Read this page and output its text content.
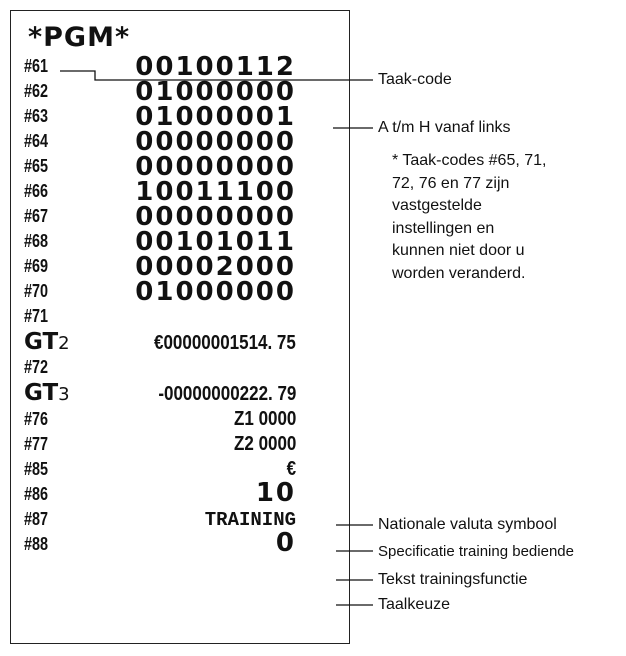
*PGM*
#61
#62
#63
#64
#65
#66
#67
#68
#69
#70
#71
GT2
#72
GT3
#76
#77
#85
#86
#87
#88
00100112
01000000
01000001
00000000
00000000
10011100
00000000
00101011
00002000
01000000
€00000001514. 75
-00000000222. 79
Z1 0000
Z2 0000
€
10
TRAINING
0
Taak-code
A t/m H vanaf links
* Taak-codes #65, 71,
72, 76 en 77 zijn
vastgestelde
instellingen en
kunnen niet door u
worden veranderd.
Nationale valuta symbool
Specificatie training bediende
Tekst trainingsfunctie
Taalkeuze
